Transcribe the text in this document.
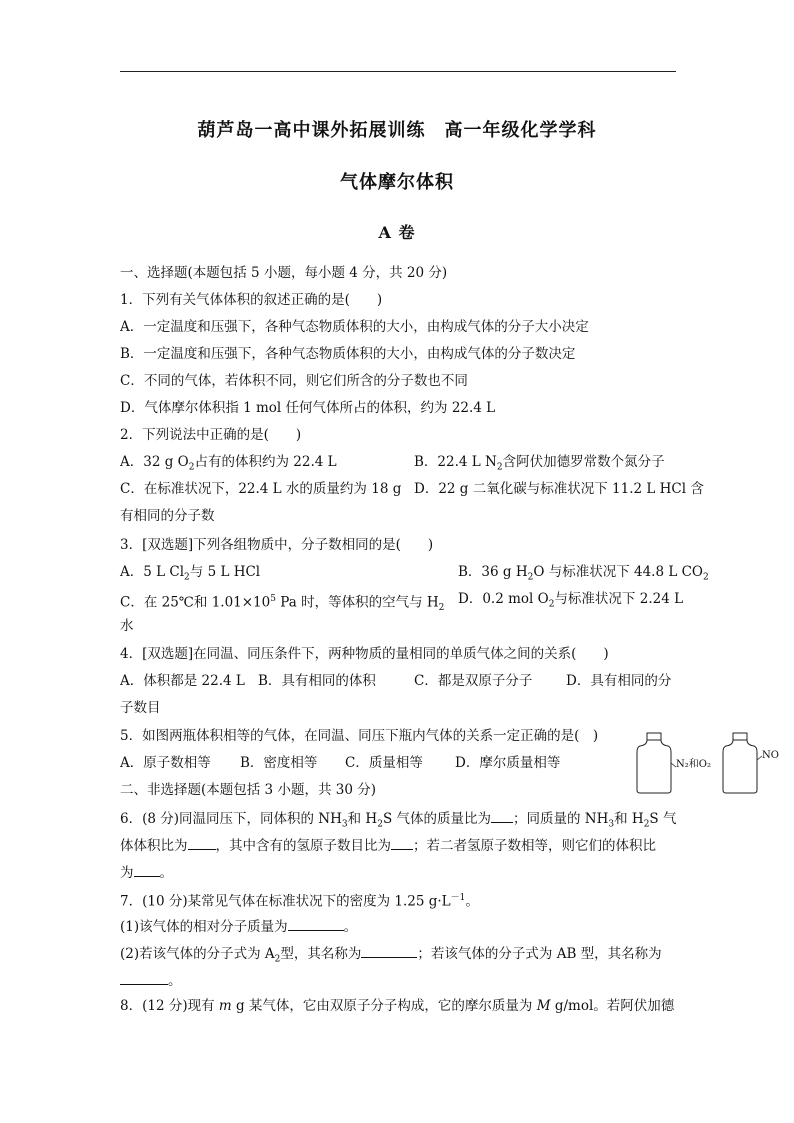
葫芦岛一高中课外拓展训练　高一年级化学学科
气体摩尔体积
A 卷
一、选择题(本题包括 5 小题，每小题 4 分，共 20 分)
1．下列有关气体体积的叙述正确的是(　　)
A．一定温度和压强下，各种气态物质体积的大小，由构成气体的分子大小决定
B．一定温度和压强下，各种气态物质体积的大小，由构成气体的分子数决定
C．不同的气体，若体积不同，则它们所含的分子数也不同
D．气体摩尔体积指 1 mol 任何气体所占的体积，约为 22.4 L
2．下列说法中正确的是(　　)
A．32 g $O_2$占有的体积约为 22.4 L	B．22.4 L $N_2$含阿伏加德罗常数个氮分子
C．在标准状况下，22.4 L 水的质量约为 18 g D．22 g 二氧化碳与标准状况下 11.2 L HCl 含
有相同的分子数
3．[双选题]下列各组物质中，分子数相同的是(　　)
A．5 L $Cl_2$与 5 L HCl	B．36 g $H_2O$ 与标准状况下 44.8 L $CO_2$
C．在 25℃和 $1.01\times 10^5$ Pa 时，等体积的空气与 $H_2$
D．0.2 mol $O_2$与标准状况下 2.24 L
水
4．[双选题]在同温、同压条件下，两种物质的量相同的单质气体之间的关系(　　)
A．体积都是 22.4 L B．具有相同的体积	C．都是双原子分子 D．具有相同的分
子数目
5．如图两瓶体积相等的气体，在同温、同压下瓶内气体的关系一定正确的是(　)
A．原子数相等 B．密度相等 C．质量相等 D．摩尔质量相等	N₂和O₂
NO
二、非选择题(本题包括 3 小题，共 30 分)
6．(8 分)同温同压下，同体积的 $NH_3$和 $H_2S$ 气体的质量比为 ；同质量的 $NH_3$和 $H_2S$ 气
体体积比为 ，其中含有的氢原子数目比为 ；若二者氢原子数相等，则它们的体积比
为 。
7．(10 分)某常见气体在标准状况下的密度为 1.25 $g\cdot L^{-1}$。
(1)该气体的相对分子质量为	。
(2)若该气体的分子式为 $A_2$型，其名称为	；若该气体的分子式为 AB 型，其名称为
。
8．(12 分)现有 m g 某气体，它由双原子分子构成，它的摩尔质量为 M g/mol。若阿伏加德
